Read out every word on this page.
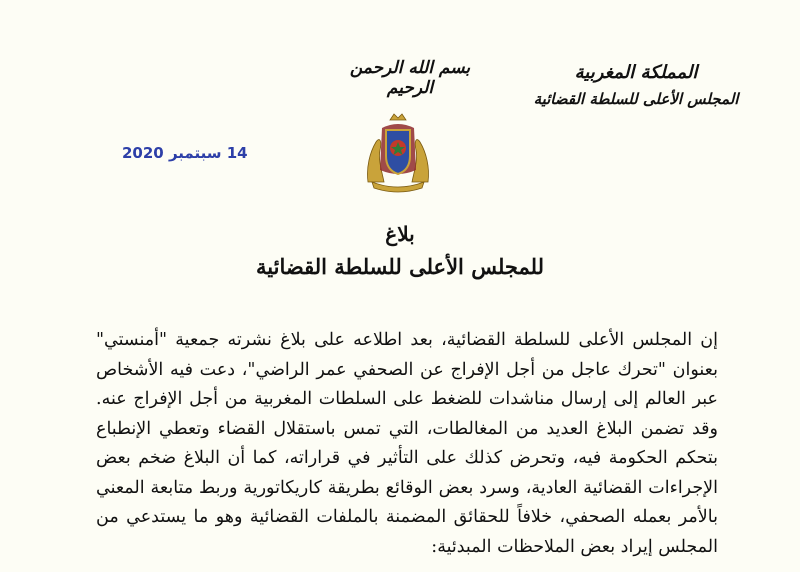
المملكة المغربية
المجلس الأعلى للسلطة القضائية
بسم الله الرحمن الرحيم
14 سبتمبر 2020
بلاغ
للمجلس الأعلى للسلطة القضائية

إن المجلس الأعلى للسلطة القضائية، بعد اطلاعه على بلاغ نشرته جمعية "أمنستي" بعنوان "تحرك عاجل من أجل الإفراج عن الصحفي عمر الراضي"، دعت فيه الأشخاص عبر العالم إلى إرسال مناشدات للضغط على السلطات المغربية من أجل الإفراج عنه. وقد تضمن البلاغ العديد من المغالطات، التي تمس باستقلال القضاء وتعطي الإنطباع بتحكم الحكومة فيه، وتحرض كذلك على التأثير في قراراته، كما أن البلاغ ضخم بعض الإجراءات القضائية العادية، وسرد بعض الوقائع بطريقة كاريكاتورية وربط متابعة المعني بالأمر بعمله الصحفي، خلافاً للحقائق المضمنة بالملفات القضائية وهو ما يستدعي من المجلس إيراد بعض الملاحظات المبدئية:
